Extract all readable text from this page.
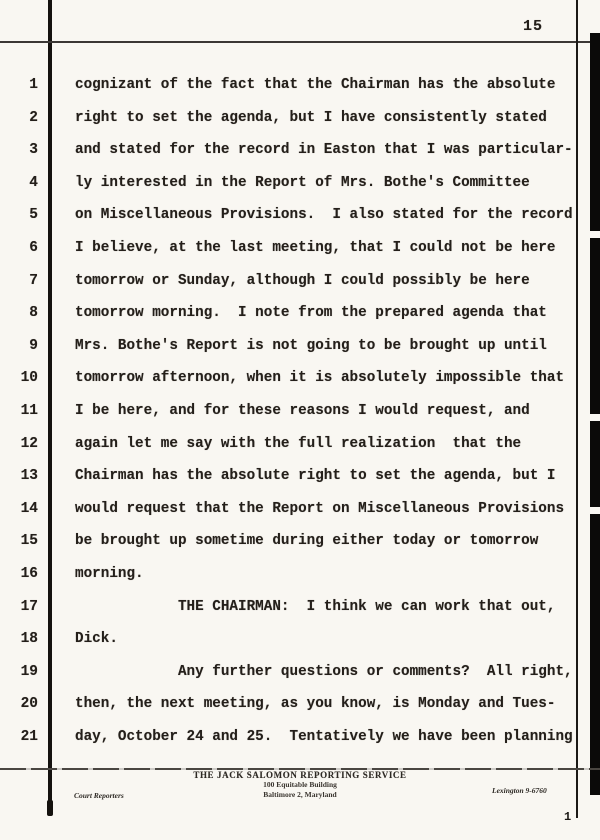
15
1	cognizant of the fact that the Chairman has the absolute
2	right to set the agenda, but I have consistently stated
3	and stated for the record in Easton that I was particular-
4	ly interested in the Report of Mrs. Bothe's Committee
5	on Miscellaneous Provisions.  I also stated for the record
6	I believe, at the last meeting, that I could not be here
7	tomorrow or Sunday, although I could possibly be here
8	tomorrow morning.  I note from the prepared agenda that
9	Mrs. Bothe's Report is not going to be brought up until
10	tomorrow afternoon, when it is absolutely impossible that
11	I be here, and for these reasons I would request, and
12	again let me say with the full realization  that the
13	Chairman has the absolute right to set the agenda, but I
14	would request that the Report on Miscellaneous Provisions
15	be brought up sometime during either today or tomorrow
16	morning.
17	THE CHAIRMAN:  I think we can work that out,
18	Dick.
19	Any further questions or comments?  All right,
20	then, the next meeting, as you know, is Monday and Tues-
21	day, October 24 and 25.  Tentatively we have been planning
THE JACK SALOMON REPORTING SERVICE
100 Equitable Building
Baltimore 2, Maryland
Court Reporters
Lexington 9-6760
1
